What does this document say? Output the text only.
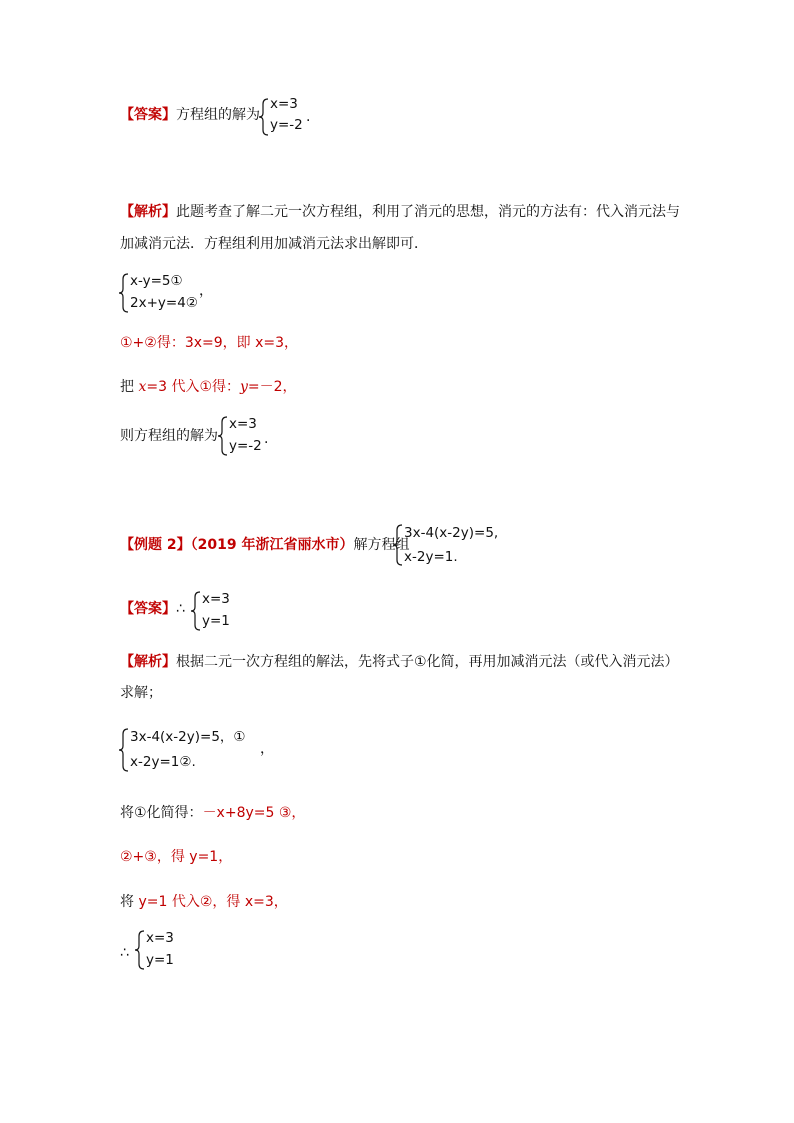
【答案】方程组的解为
x=3
y=-2 .
【解析】此题考查了解二元一次方程组，利用了消元的思想，消元的方法有：代入消元法与
加减消元法．方程组利用加减消元法求出解即可．
x-y=5①
2x+y=4②
，
①+②得：3x=9，即 x=3，
把 x=3 代入①得：y=－2，
则方程组的解为
x=3
y=-2 .
【例题 2】（2019 年浙江省丽水市）解方程组
3x-4(x-2y)=5,
x-2y=1.
【答案】∴
x=3
y=1
【解析】根据二元一次方程组的解法，先将式子①化简，再用加减消元法（或代入消元法）
求解；
3x-4(x-2y)=5，①
x-2y=1②.
，
将①化简得：－x+8y=5 ③，
②+③，得 y=1，
将 y=1 代入②，得 x=3，
∴
x=3
y=1
